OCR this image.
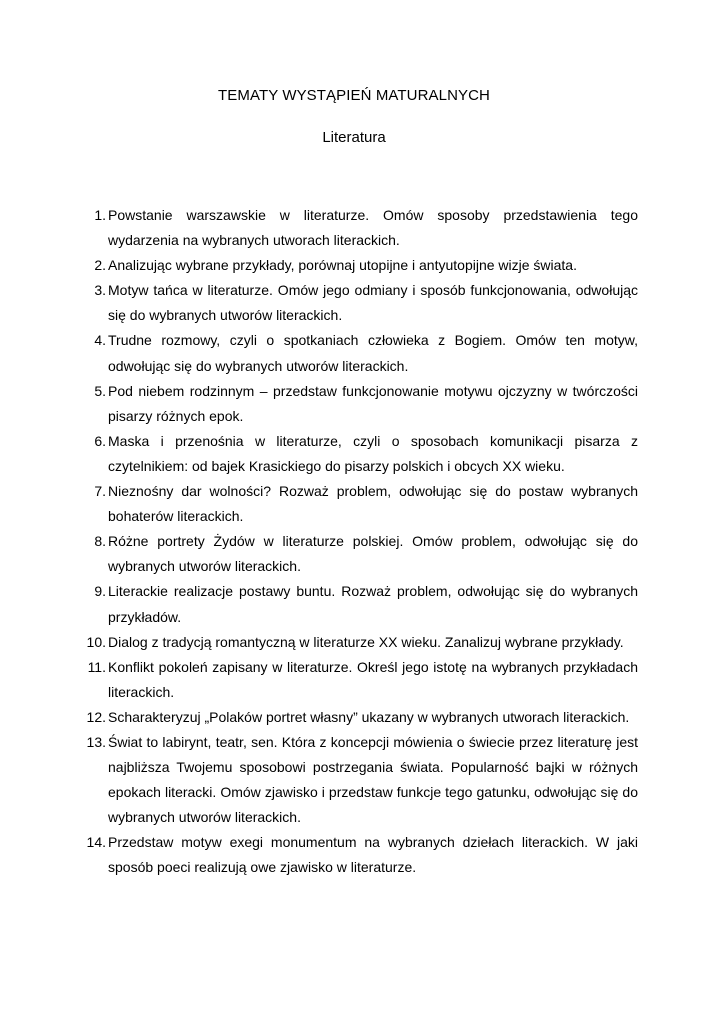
TEMATY WYSTĄPIEŃ MATURALNYCH
Literatura
1. Powstanie warszawskie w literaturze. Omów sposoby przedstawienia tego wydarzenia na wybranych utworach literackich.
2. Analizując wybrane przykłady, porównaj utopijne i antyutopijne wizje świata.
3. Motyw tańca w literaturze. Omów jego odmiany i sposób funkcjonowania, odwołując się do wybranych utworów literackich.
4. Trudne rozmowy, czyli o spotkaniach człowieka z Bogiem. Omów ten motyw, odwołując się do wybranych utworów literackich.
5. Pod niebem rodzinnym – przedstaw funkcjonowanie motywu ojczyzny w twórczości pisarzy różnych epok.
6. Maska i przenośnia w literaturze, czyli o sposobach komunikacji pisarza z czytelnikiem: od bajek Krasickiego do pisarzy polskich i obcych XX wieku.
7. Nieznośny dar wolności? Rozważ problem, odwołując się do postaw wybranych bohaterów literackich.
8. Różne portrety Żydów w literaturze polskiej. Omów problem, odwołując się do wybranych utworów literackich.
9. Literackie realizacje postawy buntu. Rozważ problem, odwołując się do wybranych przykładów.
10. Dialog z tradycją romantyczną w literaturze XX wieku. Zanalizuj wybrane przykłady.
11. Konflikt pokoleń zapisany w literaturze. Określ jego istotę na wybranych przykładach literackich.
12. Scharakteryzuj „Polaków portret własny” ukazany w wybranych utworach literackich.
13. Świat to labirynt, teatr, sen. Która z koncepcji mówienia o świecie przez literaturę jest najbliższa Twojemu sposobowi postrzegania świata. Popularność bajki w różnych epokach literacki. Omów zjawisko i przedstaw funkcje tego gatunku, odwołując się do wybranych utworów literackich.
14. Przedstaw motyw exegi monumentum na wybranych dziełach literackich. W jaki sposób poeci realizują owe zjawisko w literaturze.
